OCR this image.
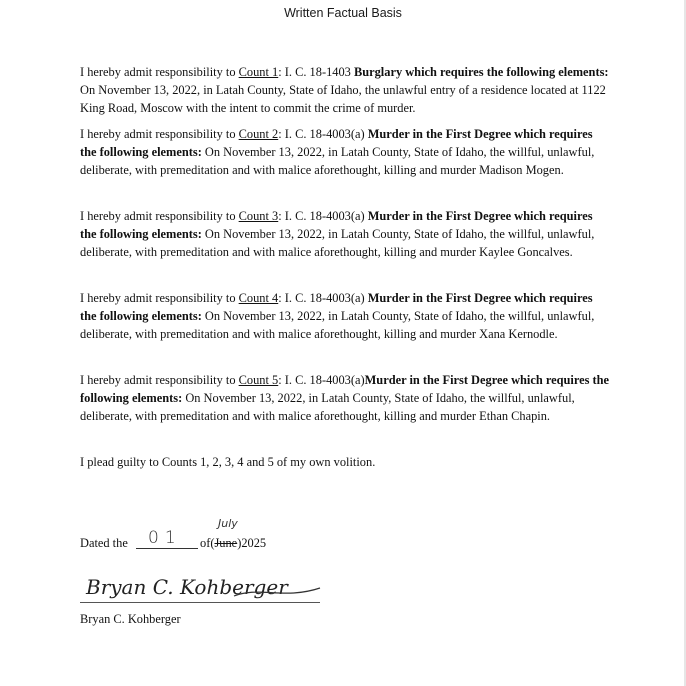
Written Factual Basis

I hereby admit responsibility to Count 1: I. C. 18-1403 Burglary which requires the following elements: On November 13, 2022, in Latah County, State of Idaho, the unlawful entry of a residence located at 1122 King Road, Moscow with the intent to commit the crime of murder.

I hereby admit responsibility to Count 2: I. C. 18-4003(a) Murder in the First Degree which requires the following elements: On November 13, 2022, in Latah County, State of Idaho, the willful, unlawful, deliberate, with premeditation and with malice aforethought, killing and murder Madison Mogen.

I hereby admit responsibility to Count 3: I. C. 18-4003(a) Murder in the First Degree which requires the following elements: On November 13, 2022, in Latah County, State of Idaho, the willful, unlawful, deliberate, with premeditation and with malice aforethought, killing and murder Kaylee Goncalves.

I hereby admit responsibility to Count 4: I. C. 18-4003(a) Murder in the First Degree which requires the following elements: On November 13, 2022, in Latah County, State of Idaho, the willful, unlawful, deliberate, with premeditation and with malice aforethought, killing and murder Xana Kernodle.

I hereby admit responsibility to Count 5: I. C. 18-4003(a)Murder in the First Degree which requires the following elements: On November 13, 2022, in Latah County, State of Idaho, the willful, unlawful, deliberate, with premeditation and with malice aforethought, killing and murder Ethan Chapin.

I plead guilty to Counts 1, 2, 3, 4 and 5 of my own volition.

Dated the 01
July
of(June)2025
Bryan C. Kohberger
Bryan C. Kohberger
